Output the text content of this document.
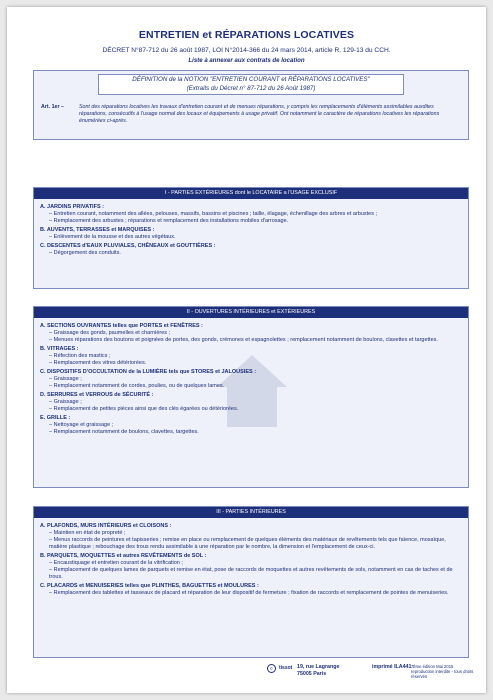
ENTRETIEN et RÉPARATIONS LOCATIVES
DÉCRET N°87-712 du 26 août 1987, LOI N°2014-366 du 24 mars 2014, article R. 129-13 du CCH.
Liste à annexer aux contrats de location
DÉFINITION de la NOTION "ENTRETIEN COURANT et RÉPARATIONS LOCATIVES"
(Extraits du Décret n° 87-712 du 26 Août 1987)
Art. 1er –	Sont des réparations locatives les travaux d'entretien courant et de menues réparations, y compris les remplacements d'éléments assimilables auxdites réparations, consécutifs à l'usage normal des locaux et équipements à usage privatif. Ont notamment le caractère de réparations locatives les réparations énumérées ci-après.
I - PARTIES EXTÉRIEURES dont le LOCATAIRE a l'USAGE EXCLUSIF
A. JARDINS PRIVATIFS :
– Entretien courant, notamment des allées, pelouses, massifs, bassins et piscines ; taille, élagage, échenillage des arbres et arbustes ;
– Remplacement des arbustes ; réparations et remplacement des installations mobiles d'arrosage.
B. AUVENTS, TERRASSES et MARQUISES :
– Enlèvement de la mousse et des autres végétaux.
C. DESCENTES d'EAUX PLUVIALES, CHÊNEAUX et GOUTTIÈRES :
– Dégorgement des conduits.
II - OUVERTURES INTÉRIEURES et EXTÉRIEURES
A. SECTIONS OUVRANTES telles que PORTES et FENÊTRES :
– Graissage des gonds, paumelles et charnières ;
– Menues réparations des boutons et poignées de portes, des gonds, crémones et espagnolettes ; remplacement notamment de boulons, clavettes et targettes.
B. VITRAGES :
– Réfection des mastics ;
– Remplacement des vitres détériorées.
C. DISPOSITIFS D'OCCULTATION de la LUMIÈRE tels que STORES et JALOUSIES :
– Graissage ;
– Remplacement notamment de cordes, poulies, ou de quelques lames.
D. SERRURES et VERROUS de SÉCURITÉ :
– Graissage ;
– Remplacement de petites pièces ainsi que des clés égarées ou détériorées.
E. GRILLE :
– Nettoyage et graissage ;
– Remplacement notamment de boulons, clavettes, targettes.
III - PARTIES INTÉRIEURES
A. PLAFONDS, MURS INTÉRIEURS et CLOISONS :
– Maintien en état de propreté ;
– Menus raccords de peintures et tapisseries ; remise en place ou remplacement de quelques éléments des matériaux de revêtements tels que faïence, mosaïque, matière plastique ; rebouchage des trous rendu assimilable à une réparation par le nombre, la dimension et l'emplacement de ceux-ci.
B. PARQUETS, MOQUETTES et autres REVÊTEMENTS de SOL :
– Encaustiquage et entretien courant de la vitrification ;
– Remplacement de quelques lames de parquets et remise en état, pose de raccords de moquettes et autres revêtements de sols, notamment en cas de taches et de trous.
C. PLACARDS et MENUISERIES telles que PLINTHES, BAGUETTES et MOULURES :
– Remplacement des tablettes et tasseaux de placard et réparation de leur dispositif de fermeture ; fixation de raccords et remplacement de pointes de menuiseries.
©	tissot 19, rue Lagrange
75005 Paris
imprimé ILA441 :
7ème édition Mai 2015
reproduction interdite - tous droits réservés
